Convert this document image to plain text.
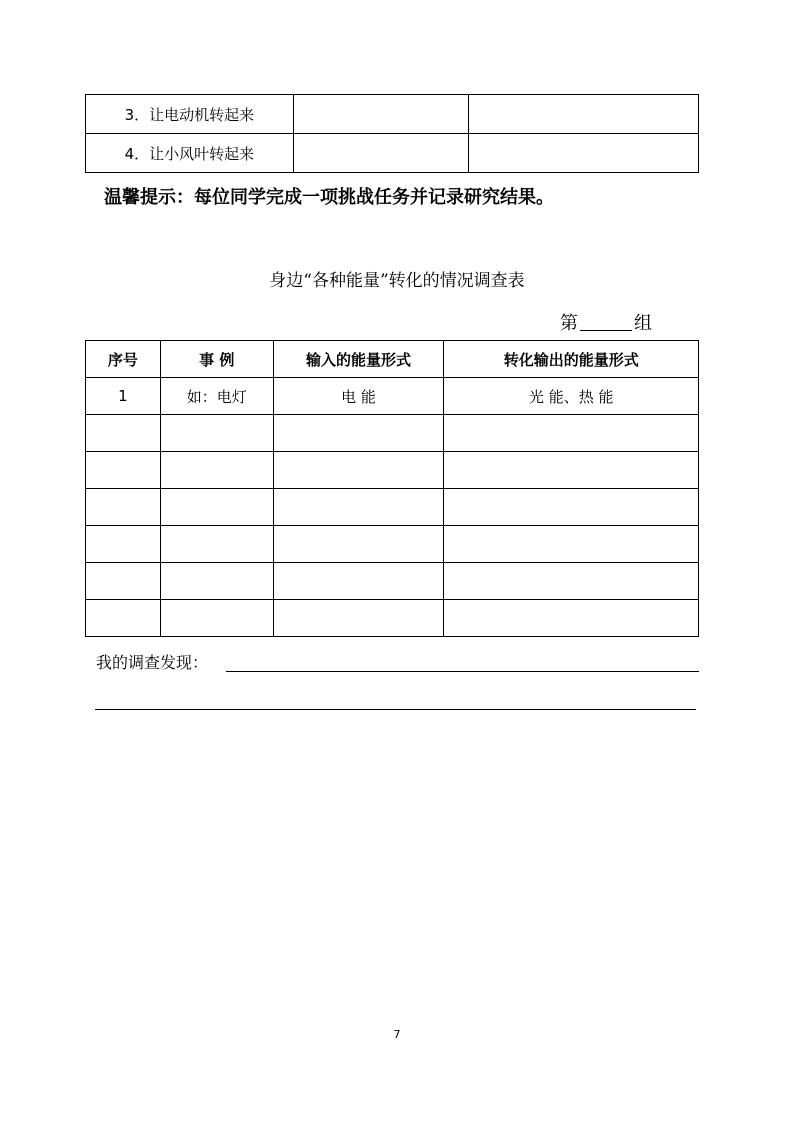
3．让电动机转起来		
4．让小风叶转起来		
温馨提示：每位同学完成一项挑战任务并记录研究结果。
身边“各种能量”转化的情况调查表
第	组
序号	事 例	输入的能量形式	转化输出的能量形式
1	如：电灯	电 能	光 能、热 能

我的调查发现：
7
